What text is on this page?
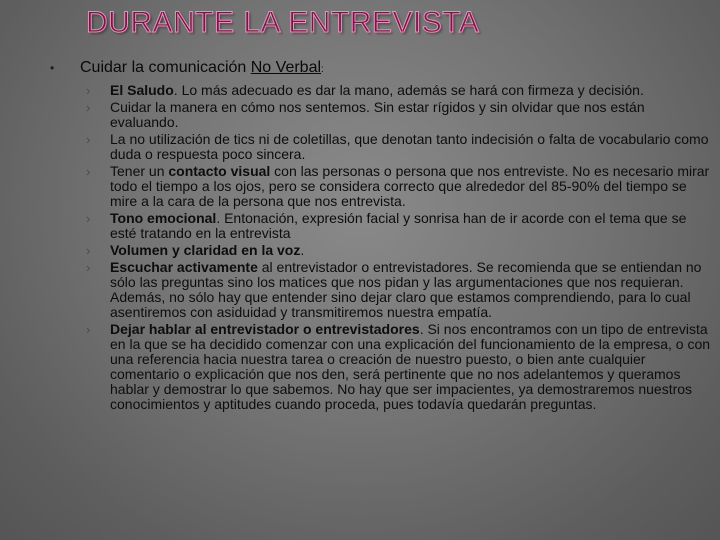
DURANTE LA ENTREVISTA
• Cuidar la comunicación No Verbal:
› El Saludo. Lo más adecuado es dar la mano, además se hará con firmeza y decisión.
› Cuidar la manera en cómo nos sentemos. Sin estar rígidos y sin olvidar que nos están evaluando.
› La no utilización de tics ni de coletillas, que denotan tanto indecisión o falta de vocabulario como duda o respuesta poco sincera.
› Tener un contacto visual con las personas o persona que nos entreviste. No es necesario mirar todo el tiempo a los ojos, pero se considera correcto que alrededor del 85-90% del tiempo se mire a la cara de la persona que nos entrevista.
› Tono emocional. Entonación, expresión facial y sonrisa han de ir acorde con el tema que se esté tratando en la entrevista
› Volumen y claridad en la voz.
› Escuchar activamente al entrevistador o entrevistadores. Se recomienda que se entiendan no sólo las preguntas sino los matices que nos pidan y las argumentaciones que nos requieran. Además, no sólo hay que entender sino dejar claro que estamos comprendiendo, para lo cual asentiremos con asiduidad y transmitiremos nuestra empatía.
› Dejar hablar al entrevistador o entrevistadores. Si nos encontramos con un tipo de entrevista en la que se ha decidido comenzar con una explicación del funcionamiento de la empresa, o con una referencia hacia nuestra tarea o creación de nuestro puesto, o bien ante cualquier comentario o explicación que nos den, será pertinente que no nos adelantemos y queramos hablar y demostrar lo que sabemos. No hay que ser impacientes, ya demostraremos nuestros conocimientos y aptitudes cuando proceda, pues todavía quedarán preguntas.
